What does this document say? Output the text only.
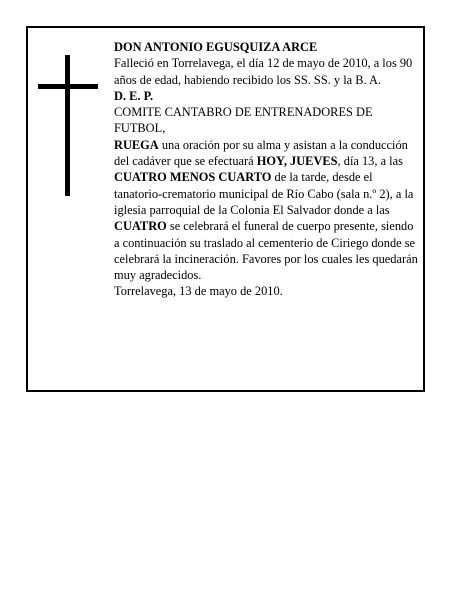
DON ANTONIO EGUSQUIZA ARCE

Falleció en Torrelavega, el día 12 de mayo de 2010, a los 90 años de edad, habiendo recibido los SS. SS. y la B. A.

D. E. P.

COMITE CANTABRO DE ENTRENADORES DE FUTBOL,

RUEGA una oración por su alma y asistan a la conducción del cadáver que se efectuará HOY, JUEVES, día 13, a las CUATRO MENOS CUARTO de la tarde, desde el tanatorio-crematorio municipal de Río Cabo (sala n.º 2), a la iglesia parroquial de la Colonia El Salvador donde a las CUATRO se celebrará el funeral de cuerpo presente, siendo a continuación su traslado al cementerio de Ciriego donde se celebrará la incineración. Favores por los cuales les quedarán muy agradecidos.

Torrelavega, 13 de mayo de 2010.
